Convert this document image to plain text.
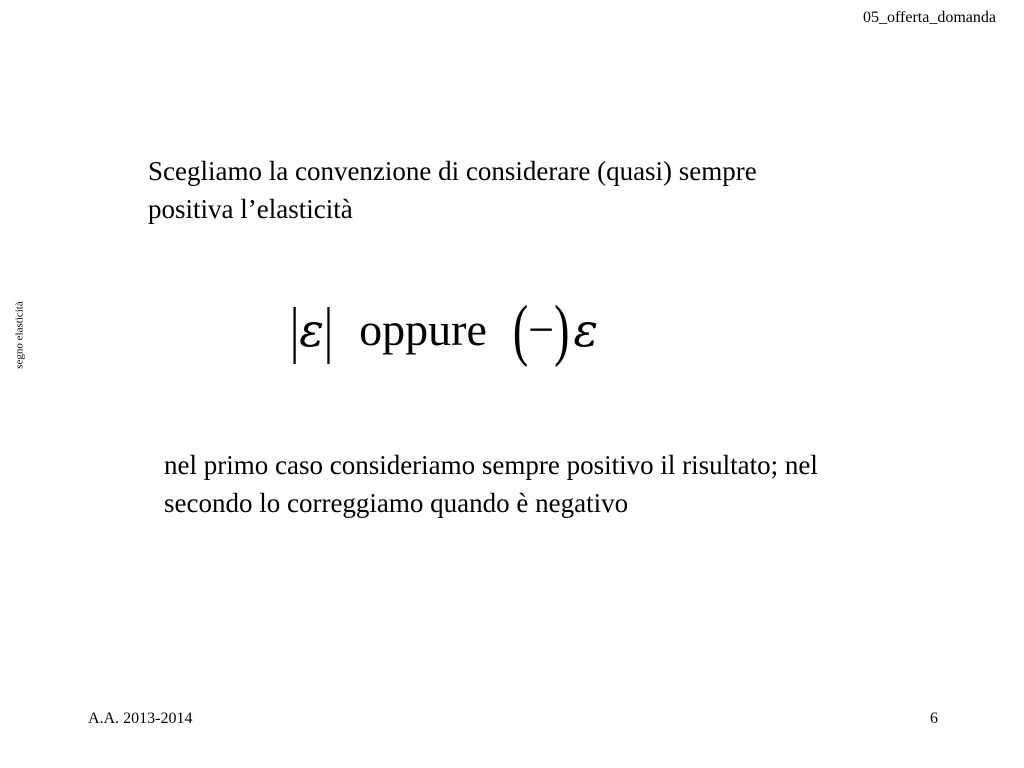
05_offerta_domanda
segno elasticità
Scegliamo la convenzione di considerare (quasi) sempre positiva l’elasticità
| ε | oppure ( − ) ε
nel primo caso consideriamo sempre positivo il risultato; nel secondo lo correggiamo quando è negativo
A.A. 2013-2014	6
